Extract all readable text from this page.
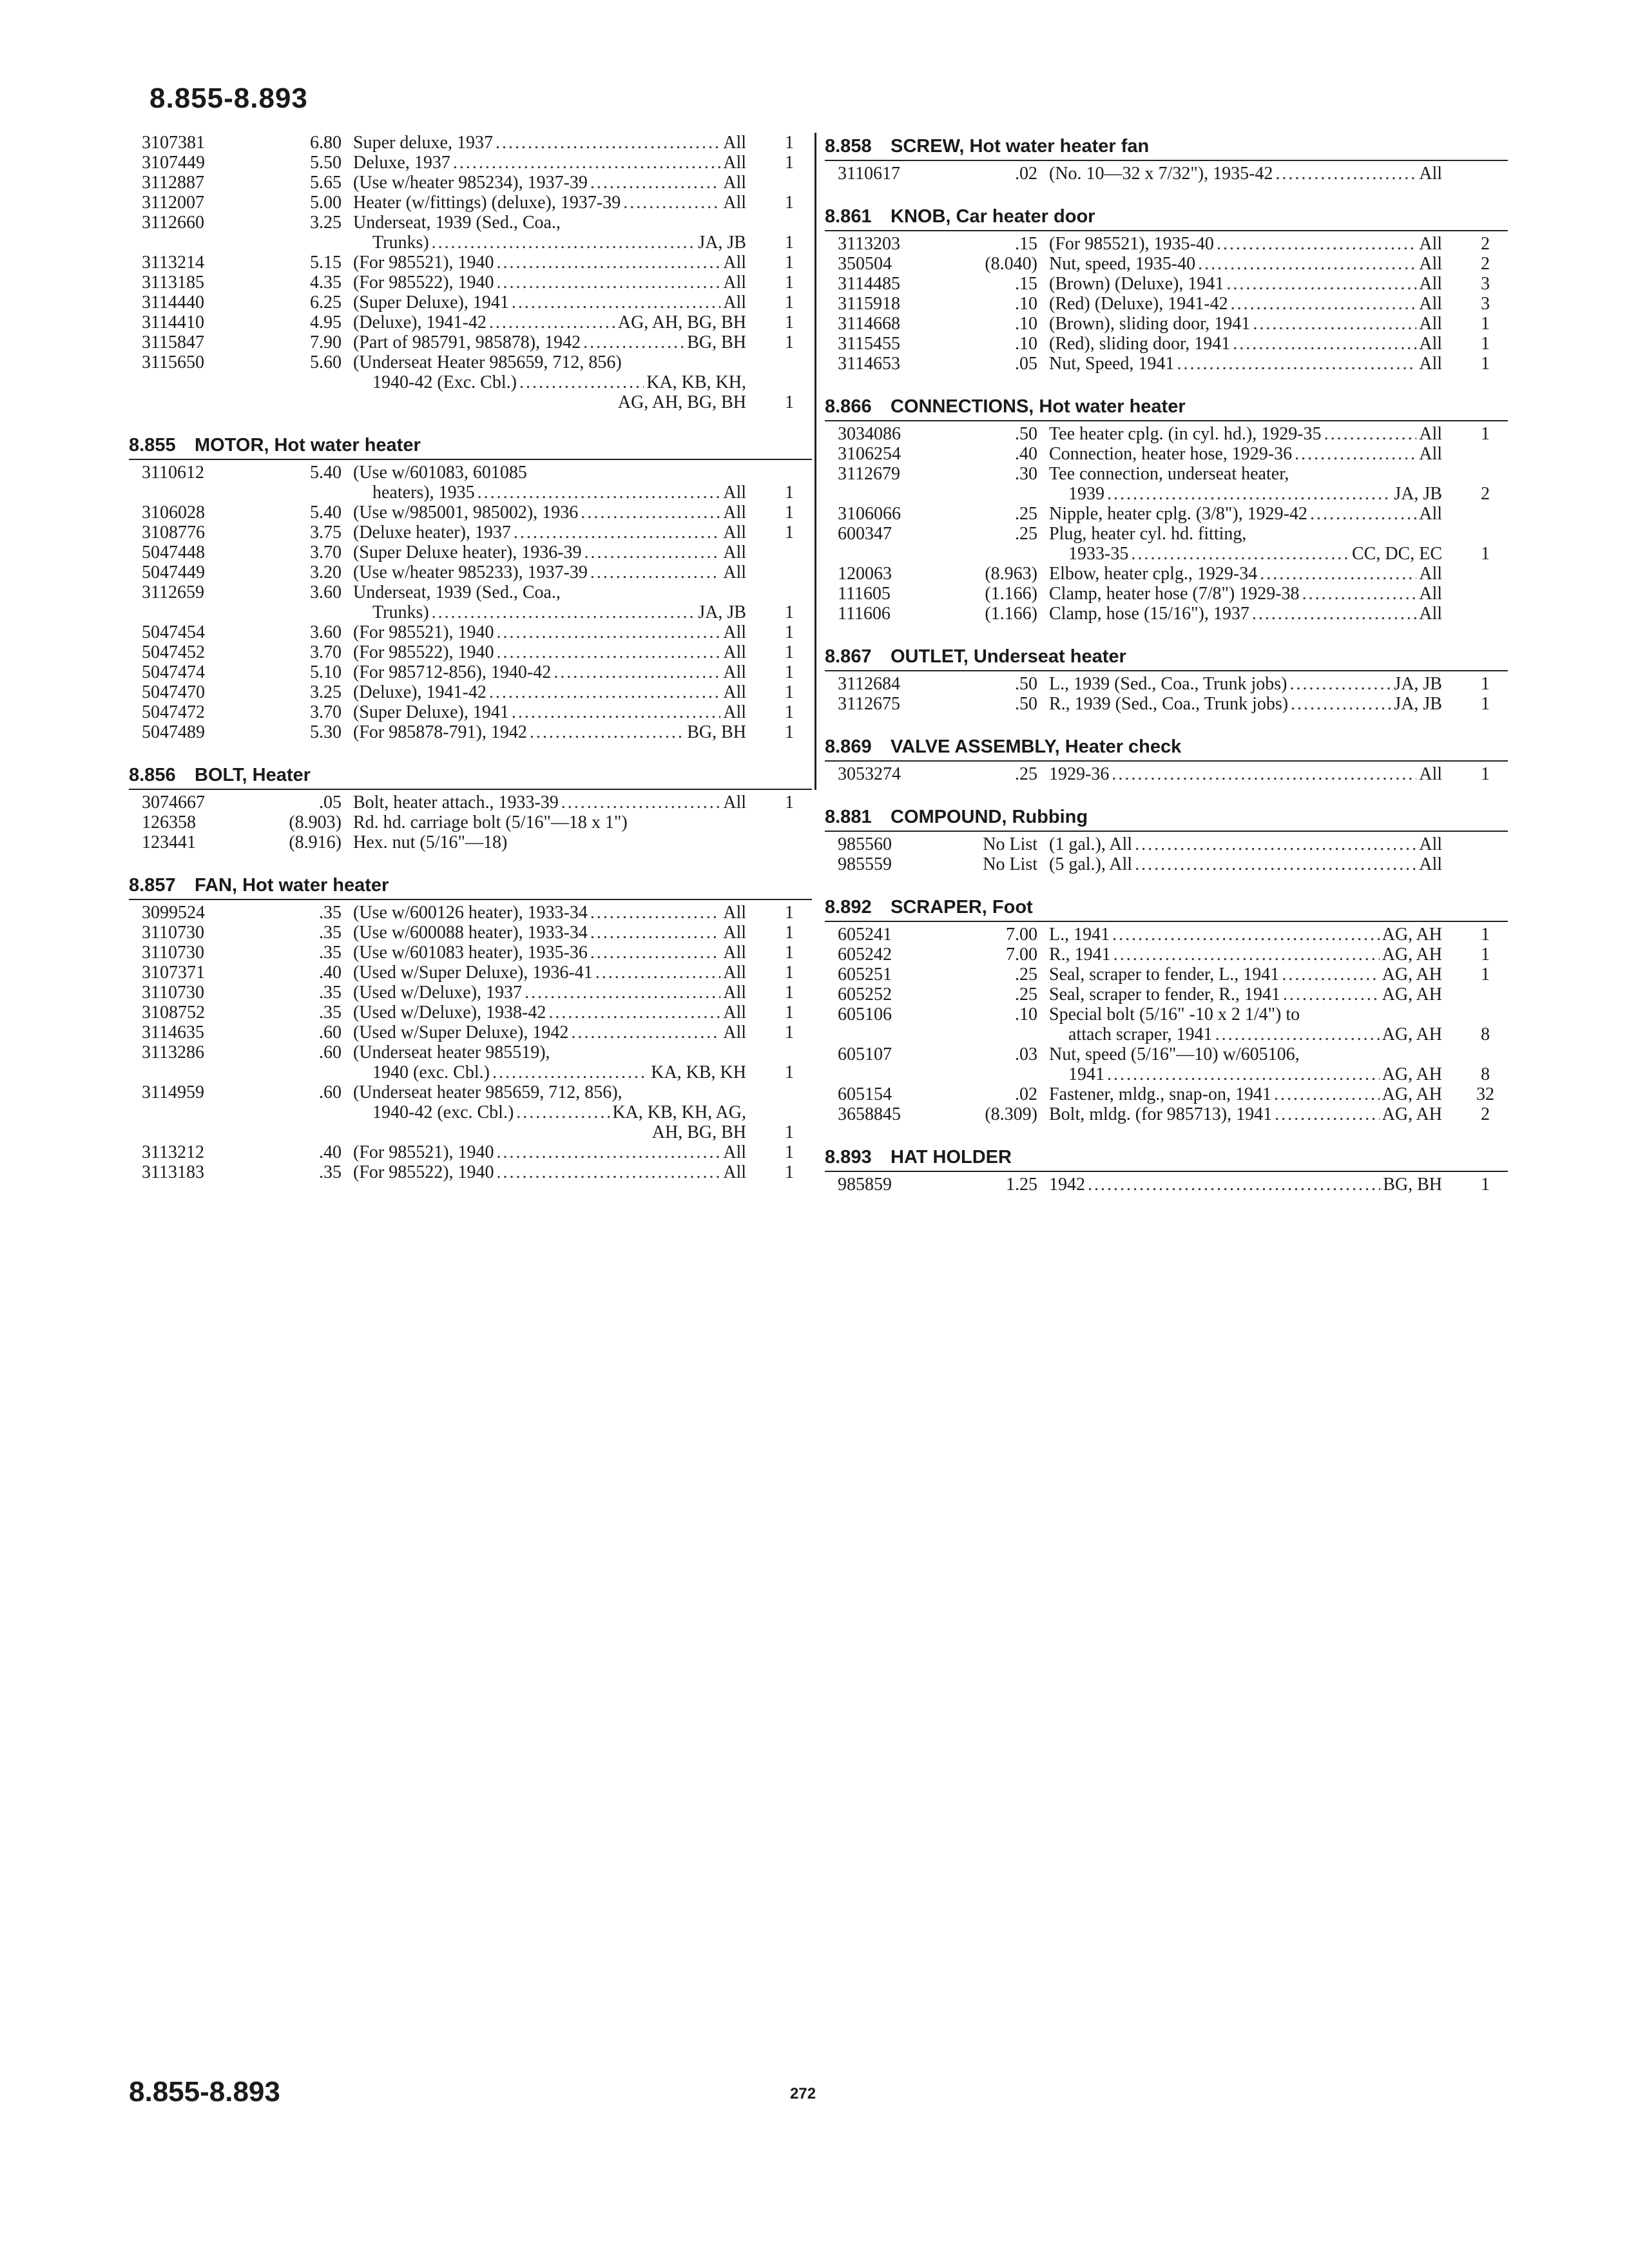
8.855-8.893
3107381	6.80 Super deluxe, 1937 .....	All	1
3107449	5.50 Deluxe, 1937 .....	All	1
3112887	5.65 (Use w/heater 985234), 1937-39 .....	All
3112007	5.00 Heater (w/fittings) (deluxe), 1937-39 .....	All	1
3112660	3.25 Underseat, 1939 (Sed., Coa.,
Trunks) .....	JA, JB	1
3113214	5.15 (For 985521), 1940 .....	All	1
3113185	4.35 (For 985522), 1940 .....	All	1
3114440	6.25 (Super Deluxe), 1941 .....	All	1
3114410	4.95 (Deluxe), 1941-42 .....	AG, AH, BG, BH	1
3115847	7.90 (Part of 985791, 985878), 1942 .....	BG, BH	1
3115650	5.60 (Underseat Heater 985659, 712, 856)
1940-42 (Exc. Cbl.) .....	KA, KB, KH,
AG, AH, BG, BH	1
8.855 MOTOR, Hot water heater
3110612	5.40 (Use w/601083, 601085
heaters), 1935 .....	All	1
3106028	5.40 (Use w/985001, 985002), 1936 .....	All	1
3108776	3.75 (Deluxe heater), 1937 .....	All	1
5047448	3.70 (Super Deluxe heater), 1936-39 .....	All
5047449	3.20 (Use w/heater 985233), 1937-39 .....	All
3112659	3.60 Underseat, 1939 (Sed., Coa.,
Trunks) .....	JA, JB	1
5047454	3.60 (For 985521), 1940 .....	All	1
5047452	3.70 (For 985522), 1940 .....	All	1
5047474	5.10 (For 985712-856), 1940-42 .....	All	1
5047470	3.25 (Deluxe), 1941-42 .....	All	1
5047472	3.70 (Super Deluxe), 1941 .....	All	1
5047489	5.30 (For 985878-791), 1942 .....	BG, BH	1
8.856 BOLT, Heater
3074667	.05 Bolt, heater attach., 1933-39 .....	All	1
126358	(8.903) Rd. hd. carriage bolt (5/16"—18 x 1")
123441	(8.916) Hex. nut (5/16"—18)
8.857 FAN, Hot water heater
3099524	.35 (Use w/600126 heater), 1933-34 .....	All	1
3110730	.35 (Use w/600088 heater), 1933-34 .....	All	1
3110730	.35 (Use w/601083 heater), 1935-36 .....	All	1
3107371	.40 (Used w/Super Deluxe), 1936-41 .....	All	1
3110730	.35 (Used w/Deluxe), 1937 .....	All	1
3108752	.35 (Used w/Deluxe), 1938-42 .....	All	1
3114635	.60 (Used w/Super Deluxe), 1942 .....	All	1
3113286	.60 (Underseat heater 985519),
1940 (exc. Cbl.) .....	KA, KB, KH	1
3114959	.60 (Underseat heater 985659, 712, 856),
1940-42 (exc. Cbl.) .....	KA, KB, KH, AG,
AH, BG, BH	1
3113212	.40 (For 985521), 1940 .....	All	1
3113183	.35 (For 985522), 1940 .....	All	1
8.858 SCREW, Hot water heater fan
3110617	.02 (No. 10—32 x 7/32"), 1935-42 .....	All
8.861 KNOB, Car heater door
3113203	.15 (For 985521), 1935-40 .....	All	2
350504	(8.040) Nut, speed, 1935-40 .....	All	2
3114485	.15 (Brown) (Deluxe), 1941 .....	All	3
3115918	.10 (Red) (Deluxe), 1941-42 .....	All	3
3114668	.10 (Brown), sliding door, 1941 .....	All	1
3115455	.10 (Red), sliding door, 1941 .....	All	1
3114653	.05 Nut, Speed, 1941 .....	All	1
8.866 CONNECTIONS, Hot water heater
3034086	.50 Tee heater cplg. (in cyl. hd.), 1929-35 .....	All	1
3106254	.40 Connection, heater hose, 1929-36 .....	All
3112679	.30 Tee connection, underseat heater,
1939 .....	JA, JB	2
3106066	.25 Nipple, heater cplg. (3/8"), 1929-42 .....	All
600347	.25 Plug, heater cyl. hd. fitting,
1933-35 .....	CC, DC, EC	1
120063	(8.963) Elbow, heater cplg., 1929-34 .....	All
111605	(1.166) Clamp, heater hose (7/8") 1929-38 .....	All
111606	(1.166) Clamp, hose (15/16"), 1937 .....	All
8.867 OUTLET, Underseat heater
3112684	.50 L., 1939 (Sed., Coa., Trunk jobs) .....	JA, JB	1
3112675	.50 R., 1939 (Sed., Coa., Trunk jobs) .....	JA, JB	1
8.869 VALVE ASSEMBLY, Heater check
3053274	.25 1929-36 .....	All	1
8.881 COMPOUND, Rubbing
985560	No List (1 gal.), All .....	All
985559	No List (5 gal.), All .....	All
8.892 SCRAPER, Foot
605241	7.00 L., 1941 .....	AG, AH	1
605242	7.00 R., 1941 .....	AG, AH	1
605251	.25 Seal, scraper to fender, L., 1941 .....	AG, AH	1
605252	.25 Seal, scraper to fender, R., 1941 .....	AG, AH
605106	.10 Special bolt (5/16" -10 x 2 1/4") to
attach scraper, 1941 .....	AG, AH	8
605107	.03 Nut, speed (5/16"—10) w/605106,
1941 .....	AG, AH	8
605154	.02 Fastener, mldg., snap-on, 1941 .....	AG, AH 32
3658845	(8.309) Bolt, mldg. (for 985713), 1941 .....	AG, AH	2
8.893 HAT HOLDER
985859	1.25 1942 .....	BG, BH	1
8.855-8.893	272
